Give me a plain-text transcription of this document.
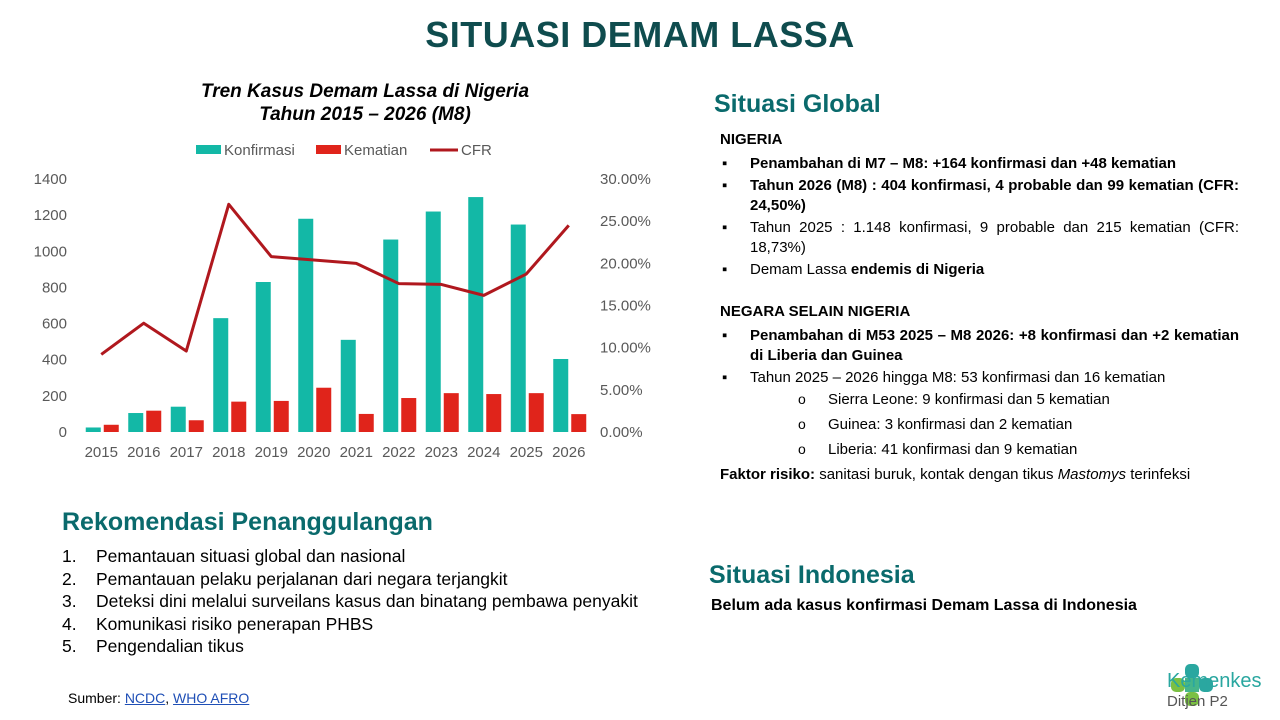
SITUASI DEMAM LASSA
Tren Kasus Demam Lassa di Nigeria
Tahun 2015 – 2026 (M8)
0
200
400
600
800
1000
1200
1400
0.00%
5.00%
10.00%
15.00%
20.00%
25.00%
30.00%
2015 2016 2017 2018 2019 2020 2021 2022 2023 2024 2025 2026
Konfirmasi	Kematian	CFR
Situasi Global
NIGERIA
▪ Penambahan di M7 – M8: +164 konfirmasi dan +48 kematian
▪ Tahun 2026 (M8) : 404 konfirmasi, 4 probable dan 99 kematian (CFR: 24,50%)
▪ Tahun 2025 : 1.148 konfirmasi, 9 probable dan 215 kematian (CFR: 18,73%)
▪ Demam Lassa endemis di Nigeria
NEGARA SELAIN NIGERIA
▪ Penambahan di M53 2025 – M8 2026: +8 konfirmasi dan +2 kematian di Liberia dan Guinea
▪ Tahun 2025 – 2026 hingga M8: 53 konfirmasi dan 16 kematian
o Sierra Leone: 9 konfirmasi dan 5 kematian
o Guinea: 3 konfirmasi dan 2 kematian
o Liberia: 41 konfirmasi dan 9 kematian
Faktor risiko: sanitasi buruk, kontak dengan tikus Mastomys terinfeksi
Situasi Indonesia
Belum ada kasus konfirmasi Demam Lassa di Indonesia
Rekomendasi Penanggulangan
1. Pemantauan situasi global dan nasional
2. Pemantauan pelaku perjalanan dari negara terjangkit
3. Deteksi dini melalui surveilans kasus dan binatang pembawa penyakit
4. Komunikasi risiko penerapan PHBS
5. Pengendalian tikus
Sumber: NCDC, WHO AFRO
Kemenkes
Ditjen P2
